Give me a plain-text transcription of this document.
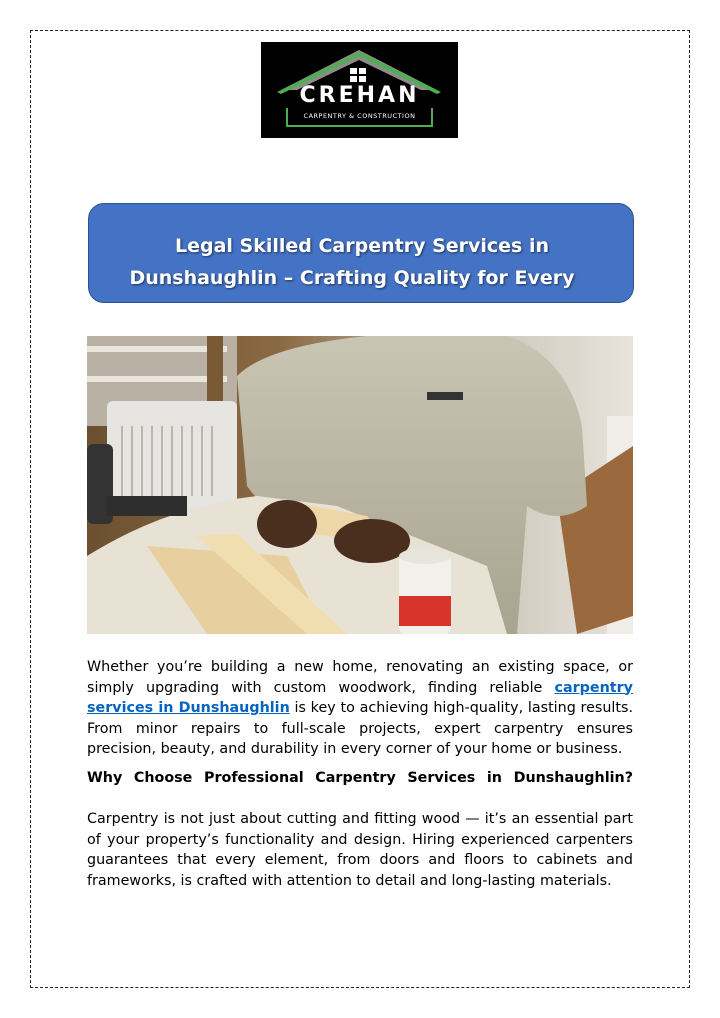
CREHAN
CARPENTRY & CONSTRUCTION
Legal Skilled Carpentry Services in
Dunshaughlin – Crafting Quality for Every

Whether you’re building a new home, renovating an existing space, or simply upgrading with custom woodwork, finding reliable carpentry services in Dunshaughlin is key to achieving high-quality, lasting results. From minor repairs to full-scale projects, expert carpentry ensures precision, beauty, and durability in every corner of your home or business.

Why Choose Professional Carpentry Services in Dunshaughlin?

Carpentry is not just about cutting and fitting wood — it’s an essential part of your property’s functionality and design. Hiring experienced carpenters guarantees that every element, from doors and floors to cabinets and frameworks, is crafted with attention to detail and long-lasting materials.
